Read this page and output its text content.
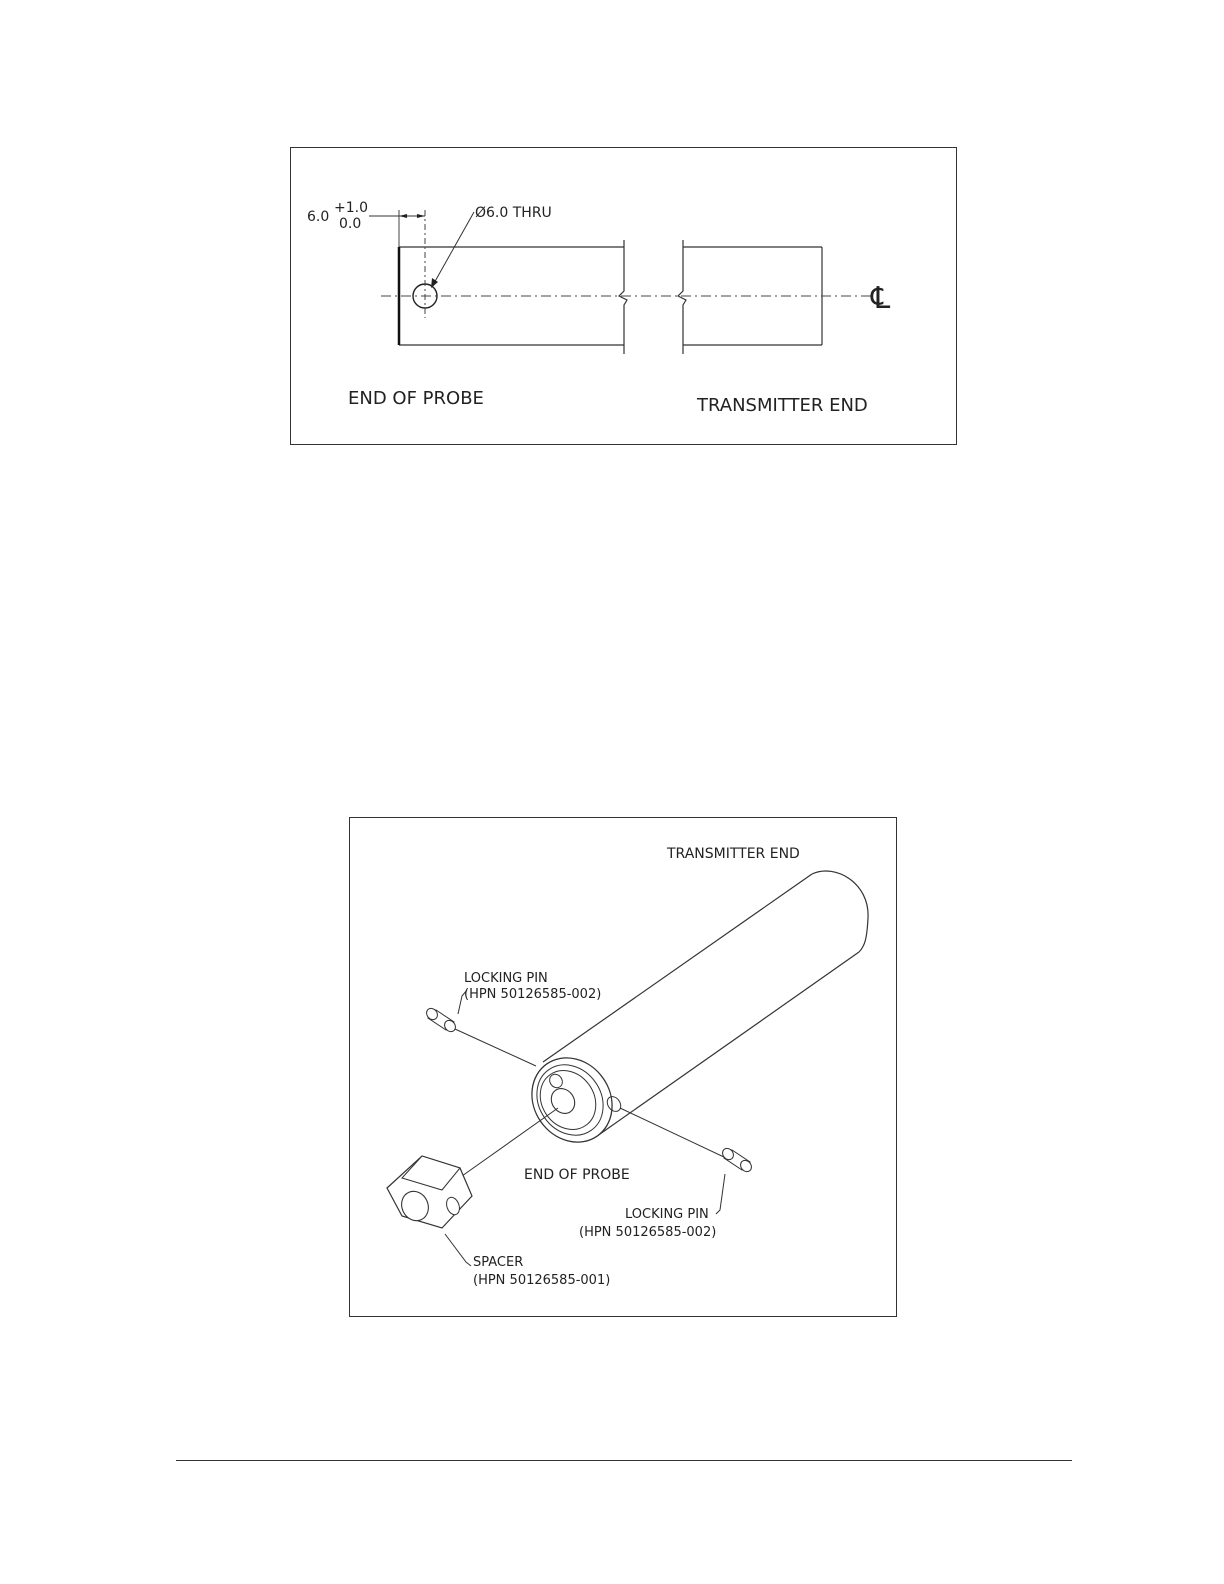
6.0
+1.0
0.0
Ø6.0 THRU
℄
END OF PROBE	TRANSMITTER END
TRANSMITTER END
END OF PROBE
LOCKING PIN
(HPN 50126585-002)
LOCKING PIN
(HPN 50126585-002)
SPACER
(HPN 50126585-001)
